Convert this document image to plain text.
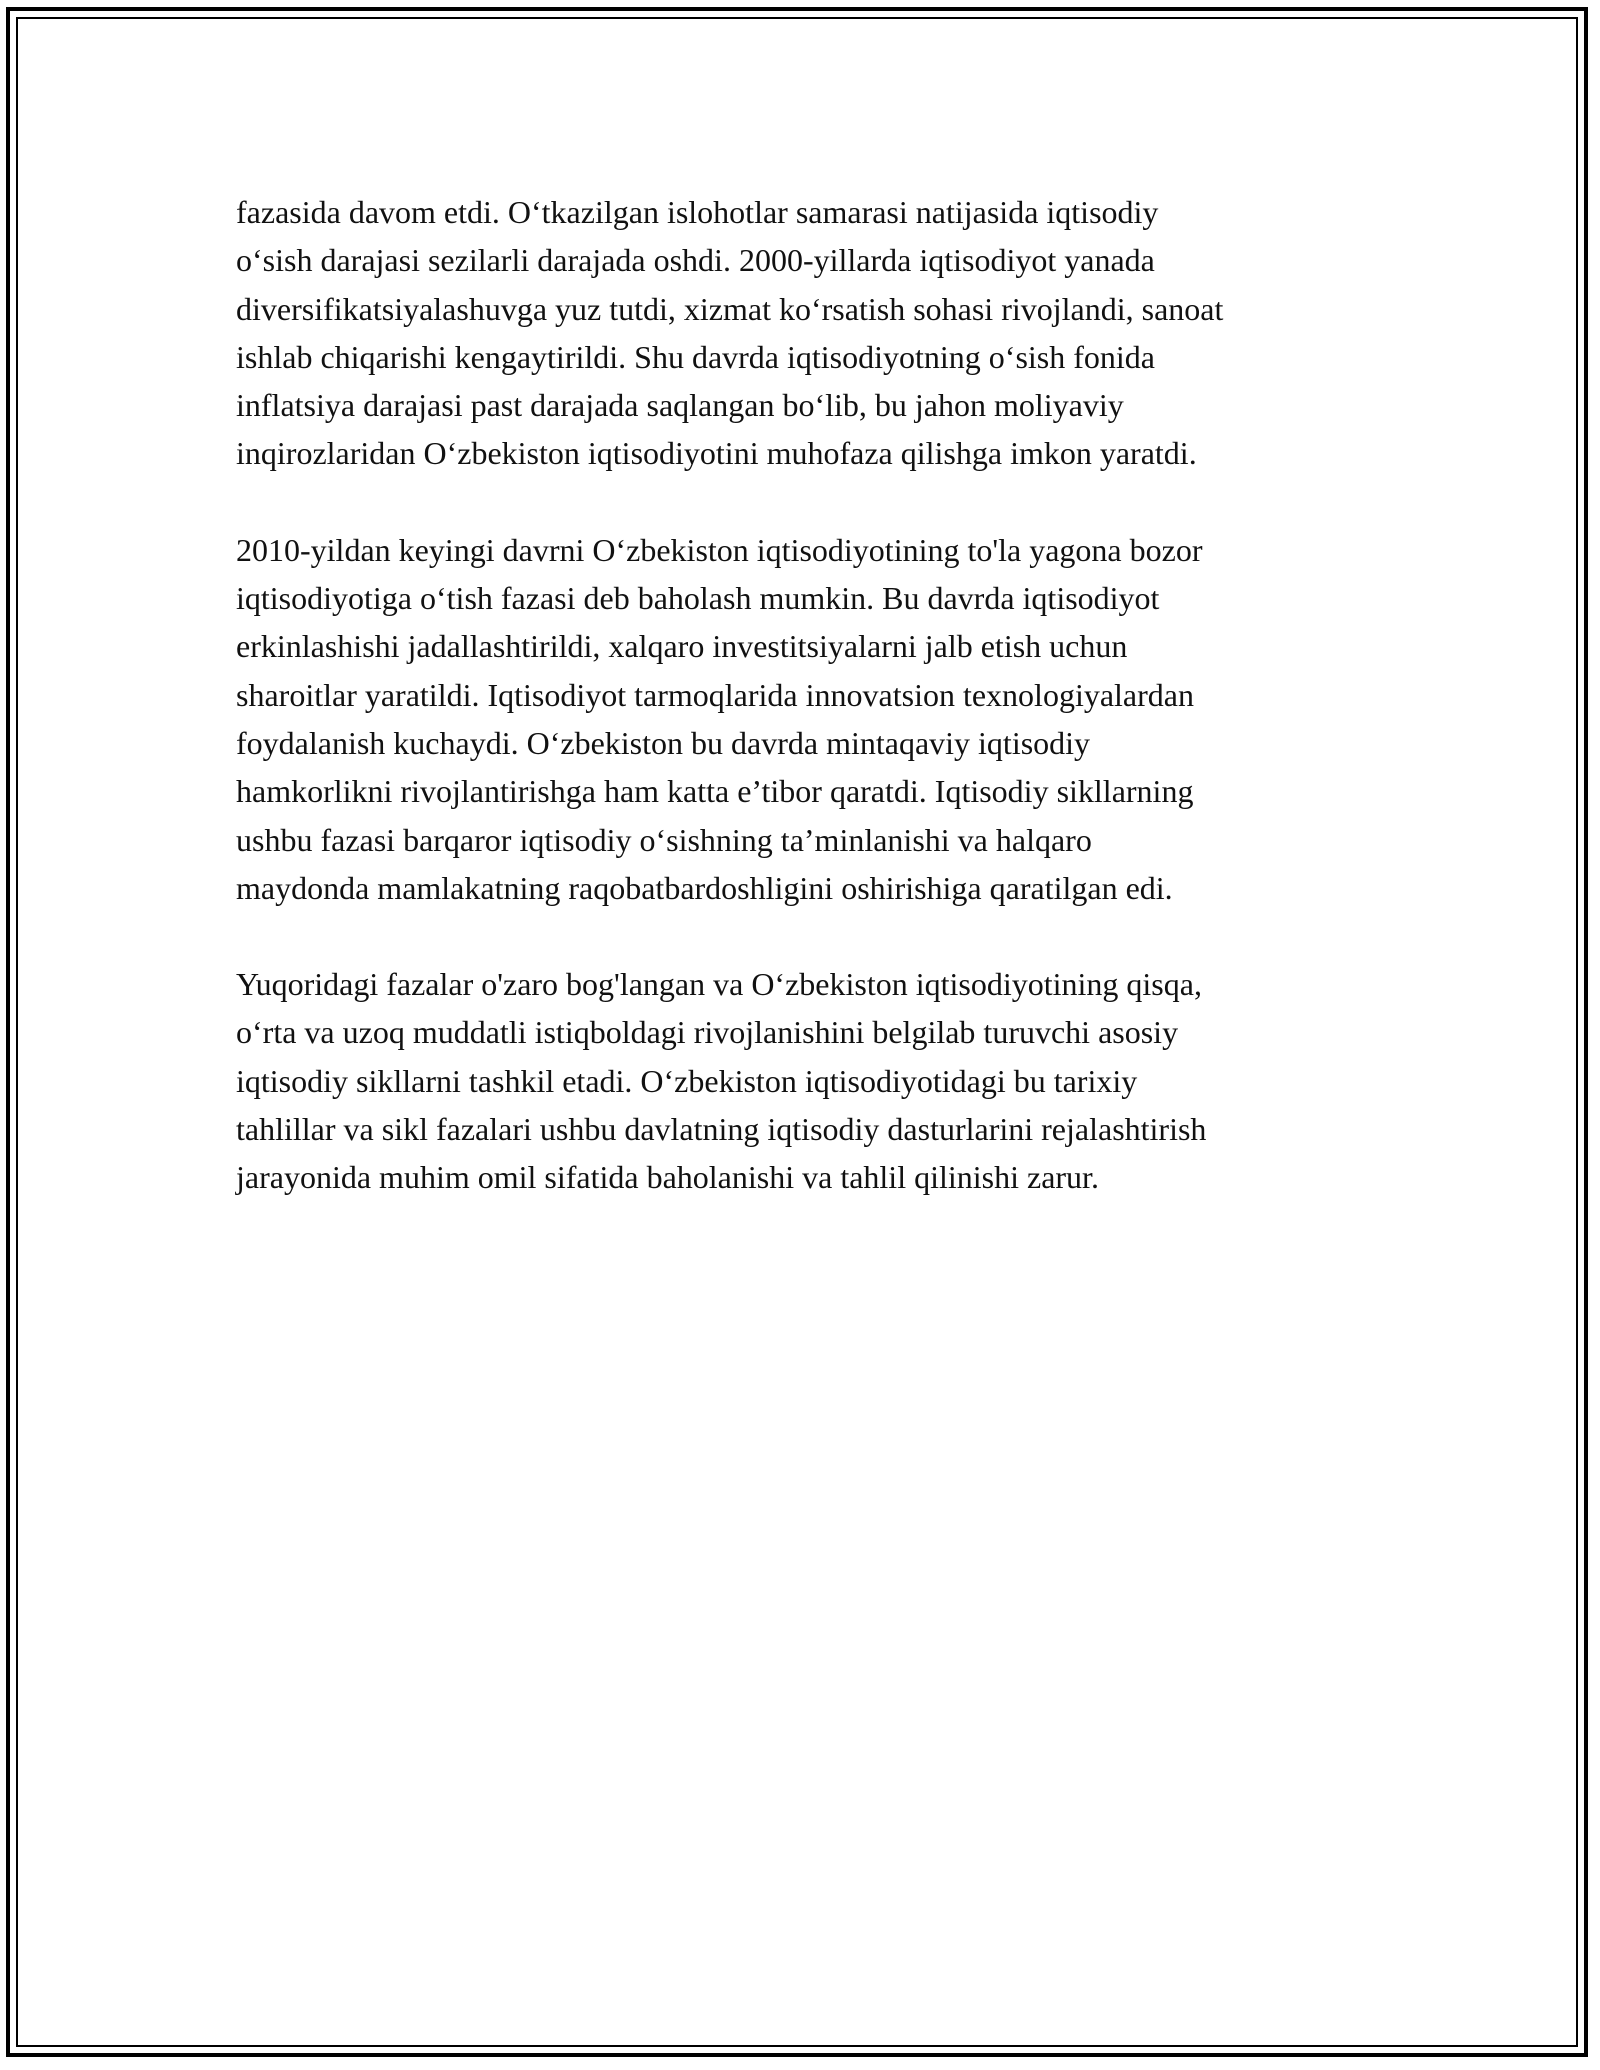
fazasida davom etdi. O‘tkazilgan islohotlar samarasi natijasida iqtisodiy
o‘sish darajasi sezilarli darajada oshdi. 2000-yillarda iqtisodiyot yanada
diversifikatsiyalashuvga yuz tutdi, xizmat ko‘rsatish sohasi rivojlandi, sanoat
ishlab chiqarishi kengaytirildi. Shu davrda iqtisodiyotning o‘sish fonida
inflatsiya darajasi past darajada saqlangan bo‘lib, bu jahon moliyaviy
inqirozlaridan O‘zbekiston iqtisodiyotini muhofaza qilishga imkon yaratdi.

2010-yildan keyingi davrni O‘zbekiston iqtisodiyotining to'la yagona bozor
iqtisodiyotiga o‘tish fazasi deb baholash mumkin. Bu davrda iqtisodiyot
erkinlashishi jadallashtirildi, xalqaro investitsiyalarni jalb etish uchun
sharoitlar yaratildi. Iqtisodiyot tarmoqlarida innovatsion texnologiyalardan
foydalanish kuchaydi. O‘zbekiston bu davrda mintaqaviy iqtisodiy
hamkorlikni rivojlantirishga ham katta e’tibor qaratdi. Iqtisodiy sikllarning
ushbu fazasi barqaror iqtisodiy o‘sishning ta’minlanishi va halqaro
maydonda mamlakatning raqobatbardoshligini oshirishiga qaratilgan edi.

Yuqoridagi fazalar o'zaro bog'langan va O‘zbekiston iqtisodiyotining qisqa,
o‘rta va uzoq muddatli istiqboldagi rivojlanishini belgilab turuvchi asosiy
iqtisodiy sikllarni tashkil etadi. O‘zbekiston iqtisodiyotidagi bu tarixiy
tahlillar va sikl fazalari ushbu davlatning iqtisodiy dasturlarini rejalashtirish
jarayonida muhim omil sifatida baholanishi va tahlil qilinishi zarur.
